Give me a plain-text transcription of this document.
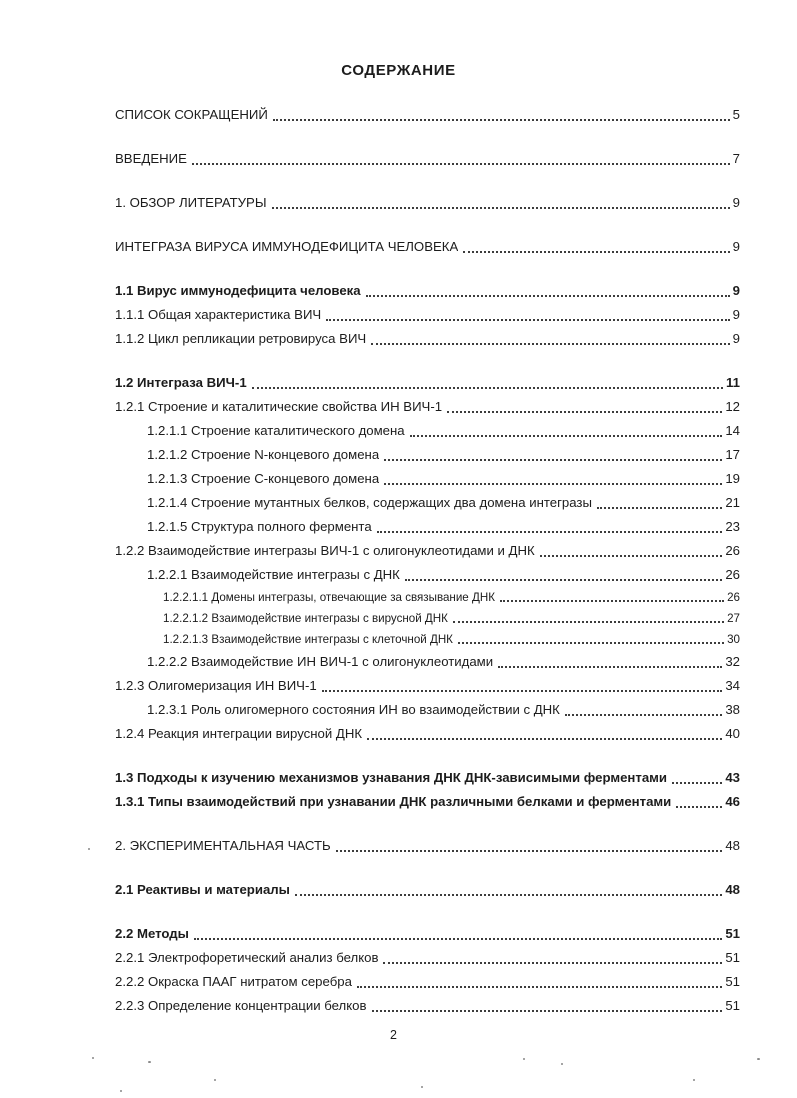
СОДЕРЖАНИЕ
СПИСОК СОКРАЩЕНИЙ	5
ВВЕДЕНИЕ	7
1. ОБЗОР ЛИТЕРАТУРЫ	9
ИНТЕГРАЗА ВИРУСА ИММУНОДЕФИЦИТА ЧЕЛОВЕКА	9
1.1 Вирус иммунодефицита человека	9
1.1.1 Общая характеристика ВИЧ	9
1.1.2 Цикл репликации ретровируса ВИЧ	9
1.2 Интеграза ВИЧ-1	11
1.2.1 Строение и каталитические свойства ИН ВИЧ-1	12
1.2.1.1 Строение каталитического домена	14
1.2.1.2 Строение N-концевого домена	17
1.2.1.3 Строение С-концевого домена	19
1.2.1.4 Строение мутантных белков, содержащих два домена интегразы	21
1.2.1.5 Структура полного фермента	23
1.2.2 Взаимодействие интегразы ВИЧ-1 с олигонуклеотидами и ДНК	26
1.2.2.1 Взаимодействие интегразы с ДНК	26
1.2.2.1.1 Домены интегразы, отвечающие за связывание ДНК	26
1.2.2.1.2 Взаимодействие интегразы с вирусной ДНК	27
1.2.2.1.3 Взаимодействие интегразы с клеточной ДНК	30
1.2.2.2 Взаимодействие ИН ВИЧ-1 с олигонуклеотидами	32
1.2.3 Олигомеризация ИН ВИЧ-1	34
1.2.3.1 Роль олигомерного состояния ИН во взаимодействии с ДНК	38
1.2.4 Реакция интеграции вирусной ДНК	40
1.3 Подходы к изучению механизмов узнавания ДНК ДНК-зависимыми ферментами	43
1.3.1 Типы взаимодействий при узнавании ДНК различными белками и ферментами	46
2. ЭКСПЕРИМЕНТАЛЬНАЯ ЧАСТЬ	48
2.1 Реактивы и материалы	48
2.2 Методы	51
2.2.1 Электрофоретический анализ белков	51
2.2.2 Окраска ПААГ нитратом серебра	51
2.2.3 Определение концентрации белков	51
2
